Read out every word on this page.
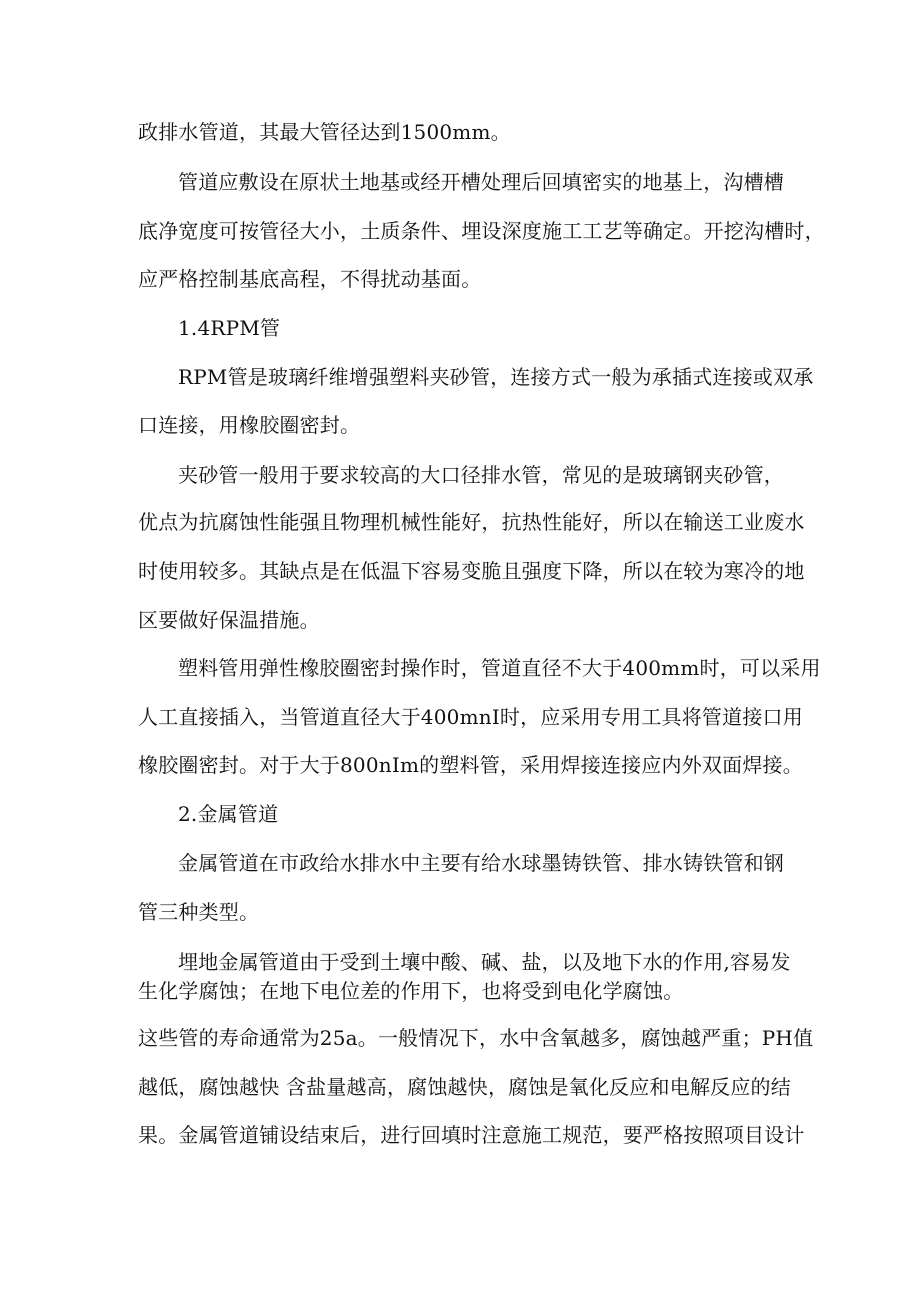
政排水管道，其最大管径达到1500mm。
管道应敷设在原状土地基或经开槽处理后回填密实的地基上，沟槽槽
底净宽度可按管径大小，土质条件、埋设深度施工工艺等确定。开挖沟槽时，
应严格控制基底高程，不得扰动基面。
1.4RPM管
RPM管是玻璃纤维增强塑料夹砂管，连接方式一般为承插式连接或双承
口连接，用橡胶圈密封。
夹砂管一般用于要求较高的大口径排水管，常见的是玻璃钢夹砂管，
优点为抗腐蚀性能强且物理机械性能好，抗热性能好，所以在输送工业废水
时使用较多。其缺点是在低温下容易变脆且强度下降，所以在较为寒冷的地
区要做好保温措施。
塑料管用弹性橡胶圈密封操作时，管道直径不大于400mm时，可以采用
人工直接插入，当管道直径大于400mnI时，应采用专用工具将管道接口用
橡胶圈密封。对于大于800nIm的塑料管，采用焊接连接应内外双面焊接。
2.金属管道
金属管道在市政给水排水中主要有给水球墨铸铁管、排水铸铁管和钢
管三种类型。
埋地金属管道由于受到土壤中酸、碱、盐，以及地下水的作用,容易发
生化学腐蚀；在地下电位差的作用下，也将受到电化学腐蚀。
这些管的寿命通常为25a。一般情况下，水中含氧越多，腐蚀越严重；PH值
越低，腐蚀越快 含盐量越高，腐蚀越快，腐蚀是氧化反应和电解反应的结
果。金属管道铺设结束后，进行回填时注意施工规范，要严格按照项目设计
